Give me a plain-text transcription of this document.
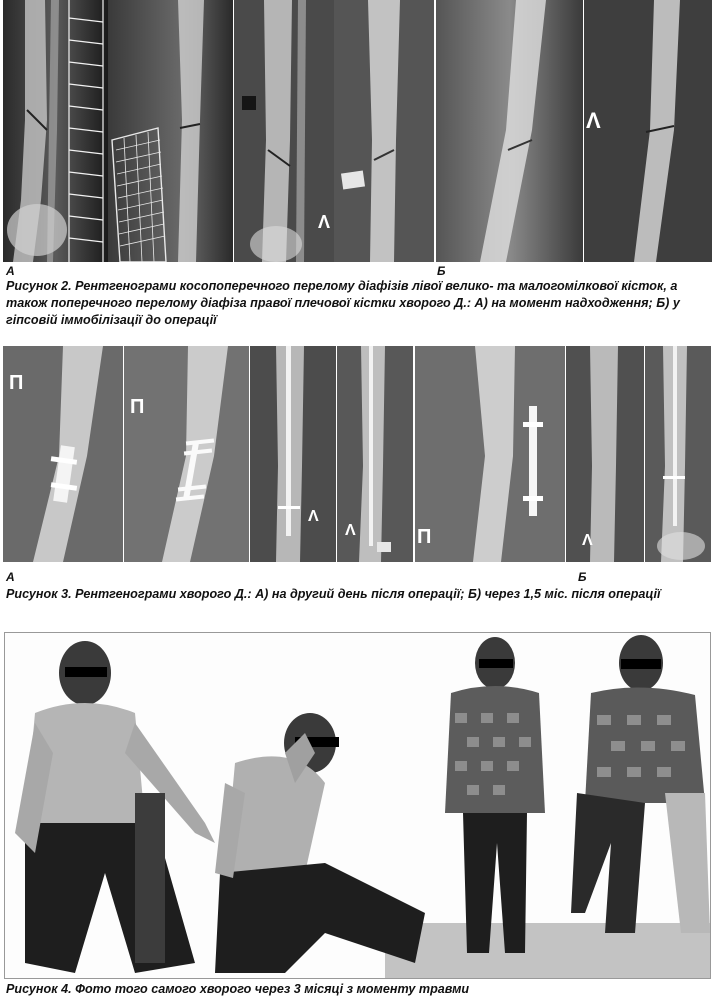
Λ
Λ
А	Б
Рисунок 2. Рентгенограми косопоперечного перелому діафізів лівої велико- та малогомілкової кісток, а також поперечного перелому діафіза правої плечової кістки хворого Д.: А) на момент надходження; Б) у гіпсовій іммобілізації до операції
П
П
Λ
Λ	П	Λ
А	Б
Рисунок 3. Рентгенограми хворого Д.: А) на другий день після операції; Б) через 1,5 міс. після операції
Рисунок 4. Фото того самого хворого через 3 місяці з моменту травми
